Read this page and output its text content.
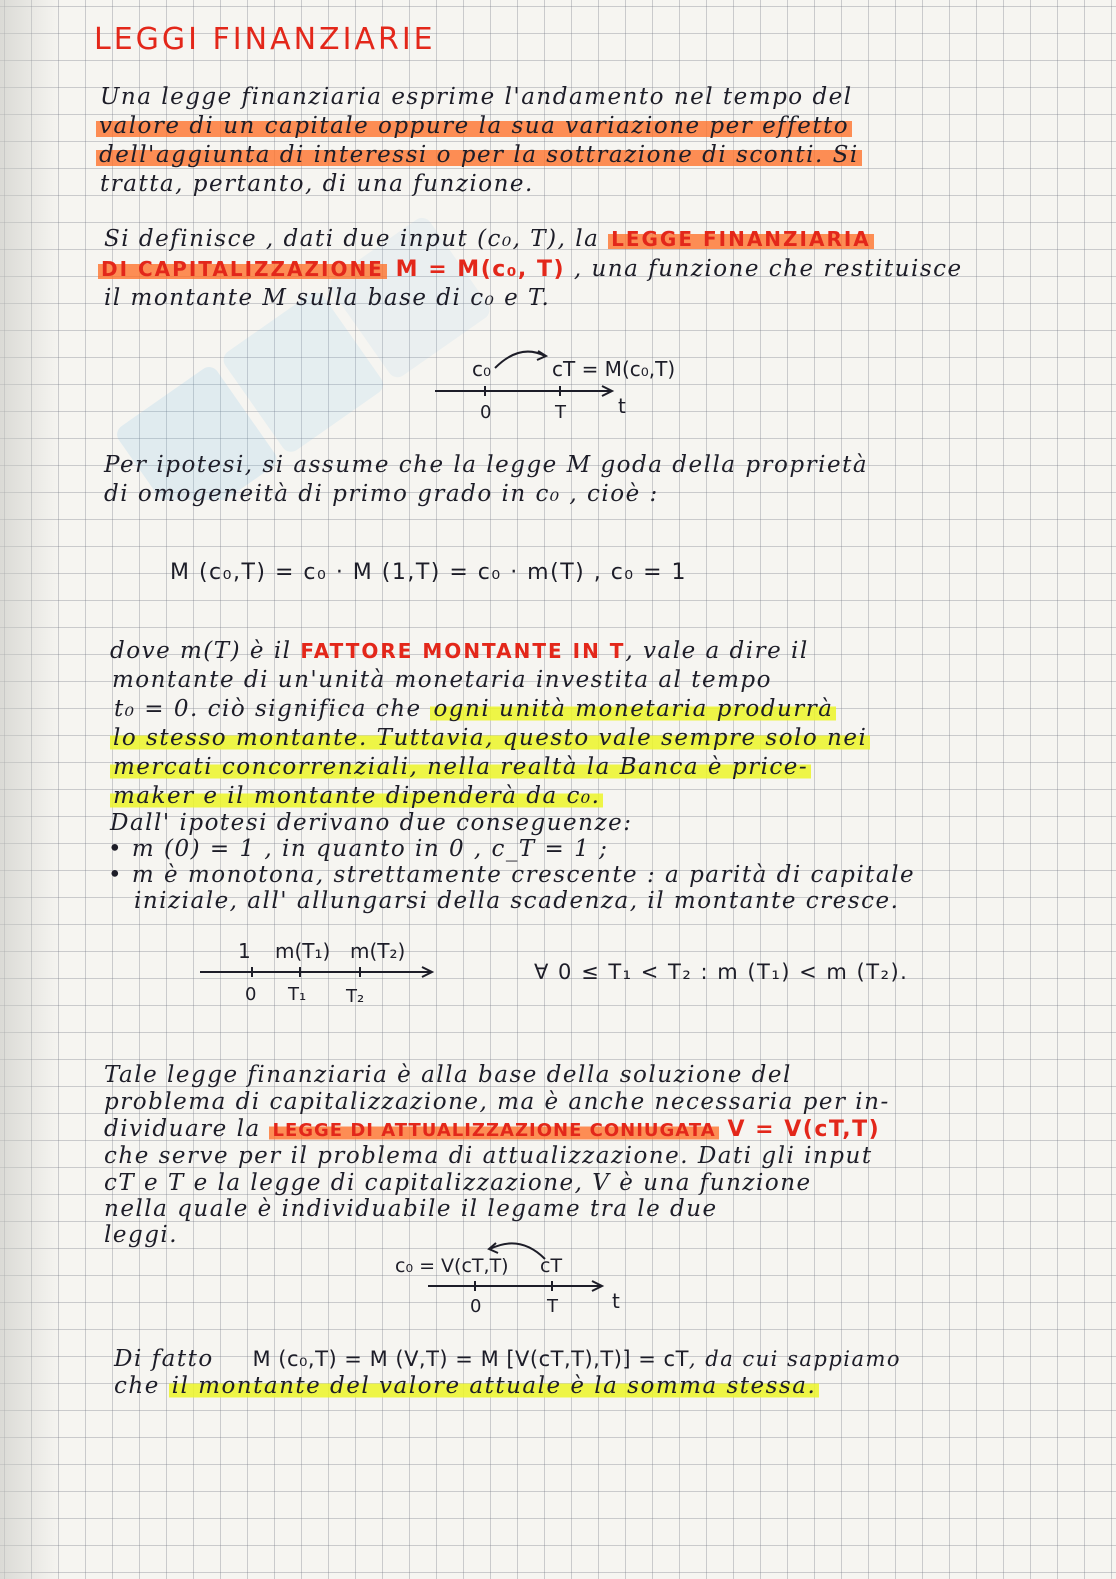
LEGGI FINANZIARIE
Una legge finanziaria esprime l'andamento nel tempo del
valore di un capitale oppure la sua variazione per effetto
dell'aggiunta di interessi o per la sottrazione di sconti. Si
tratta, pertanto, di una funzione.
Si definisce , dati due input (c₀, T), la LEGGE FINANZIARIA
DI CAPITALIZZAZIONE M = M(c₀, T) , una funzione che restituisce
il montante M sulla base di c₀ e T.
c₀	cT = M(c₀,T)
0	T	t
Per ipotesi, si assume che la legge M goda della proprietà
di omogeneità di primo grado in c₀ , cioè :
M (c₀,T) = c₀ · M (1,T) = c₀ · m(T) , c₀ = 1
dove m(T) è il FATTORE MONTANTE IN T, vale a dire il
montante di un'unità monetaria investita al tempo
t₀ = 0. ciò significa che ogni unità monetaria produrrà
lo stesso montante. Tuttavia, questo vale sempre solo nei
mercati concorrenziali, nella realtà la Banca è price-
maker e il montante dipenderà da c₀.
Dall' ipotesi derivano due conseguenze:
• m (0) = 1 , in quanto in 0 , c_T = 1 ;
• m è monotona, strettamente crescente : a parità di capitale
iniziale, all' allungarsi della scadenza, il montante cresce.
1 m(T₁) m(T₂)
0 T₁ T₂
∀ 0 ≤ T₁ < T₂ : m (T₁) < m (T₂).
Tale legge finanziaria è alla base della soluzione del
problema di capitalizzazione, ma è anche necessaria per in-
dividuare la LEGGE DI ATTUALIZZAZIONE CONIUGATA V = V(cT,T)
che serve per il problema di attualizzazione. Dati gli input
cT e T e la legge di capitalizzazione, V è una funzione
nella quale è individuabile il legame tra le due
leggi.
c₀ = V(cT,T) cT
0	T	t
Di fatto M (c₀,T) = M (V,T) = M [V(cT,T),T)] = cT, da cui sappiamo
che il montante del valore attuale è la somma stessa.
